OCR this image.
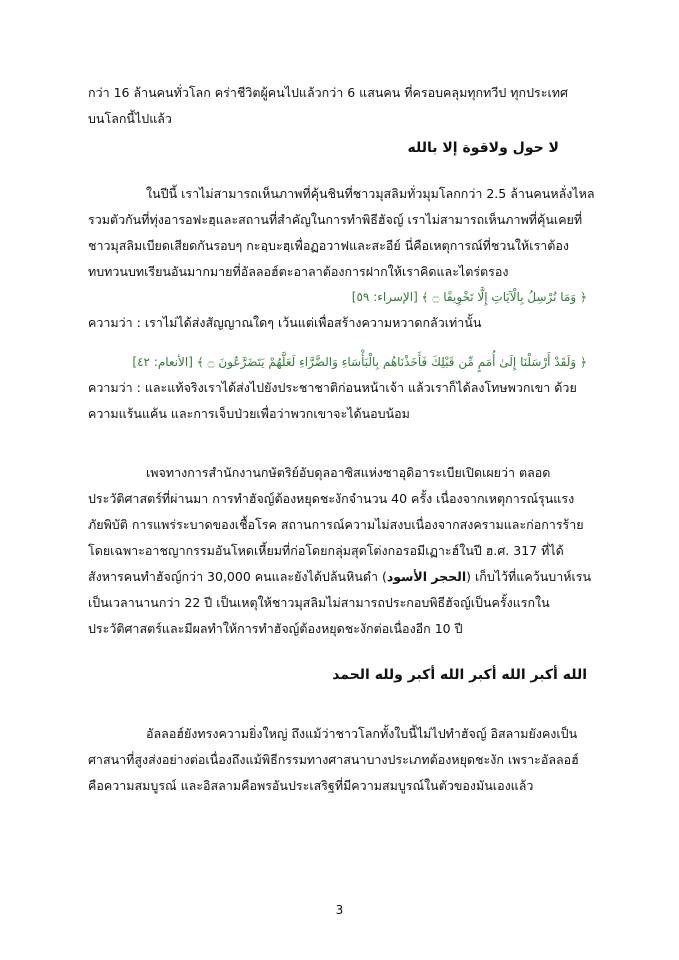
กว่า 16 ล้านคนทั่วโลก คร่าชีวิตผู้คนไปแล้วกว่า 6 แสนคน ที่ครอบคลุมทุกทวีป ทุกประเทศ
บนโลกนี้ไปแล้ว
لا حول ولاقوة إلا بالله
ในปีนี้ เราไม่สามารถเห็นภาพที่คุ้นชินที่ชาวมุสลิมทั่วมุมโลกกว่า 2.5 ล้านคนหลั่งไหล
รวมตัวกันที่ทุ่งอารอฟะฮฺและสถานที่สำคัญในการทำพิธีฮัจญ์ เราไม่สามารถเห็นภาพที่คุ้นเคยที่
ชาวมุสลิมเบียดเสียดกันรอบๆ กะอฺบะฮฺเพื่อฏอวาฟและสะอีย์ นี่คือเหตุการณ์ที่ชวนให้เราต้อง
ทบทวนบทเรียนอันมากมายที่อัลลอฮ์ตะอาลาต้องการฝากให้เราคิดและไตร่ตรอง
﴿ وَمَا نُرْسِلُ بِالْآيَاتِ إِلَّا تَخْوِيفًا ۝ ﴾ [الإسراء: ٥٩]
ความว่า : เราไม่ได้ส่งสัญญาณใดๆ เว้นแต่เพื่อสร้างความหวาดกลัวเท่านั้น
﴿ وَلَقَدْ أَرْسَلْنَا إِلَىٰ أُمَمٍ مِّن قَبْلِكَ فَأَخَذْنَاهُم بِالْبَأْسَاءِ وَالضَّرَّاءِ لَعَلَّهُمْ يَتَضَرَّعُونَ ۝ ﴾ [الأنعام: ٤٢]
ความว่า : และแท้จริงเราได้ส่งไปยังประชาชาติก่อนหน้าเจ้า แล้วเราก็ได้ลงโทษพวกเขา ด้วย
ความแร้นแค้น และการเจ็บป่วยเพื่อว่าพวกเขาจะได้นอบน้อม
เพจทางการสำนักงานกษัตริย์อับดุลอาซิสแห่งซาอุดิอาระเบียเปิดเผยว่า ตลอด
ประวัติศาสตร์ที่ผ่านมา การทำฮัจญ์ต้องหยุดชะงักจำนวน 40 ครั้ง เนื่องจากเหตุการณ์รุนแรง
ภัยพิบัติ การแพร่ระบาดของเชื้อโรค สถานการณ์ความไม่สงบเนื่องจากสงครามและก่อการร้าย
โดยเฉพาะอาชญากรรมอันโหดเหี้ยมที่ก่อโดยกลุ่มสุดโต่งกอรอมีเฏาะฮ์ในปี ฮ.ศ. 317 ที่ได้
สังหารคนทำฮัจญ์กว่า 30,000 คนและยังได้ปล้นหินดำ (الحجر الأسود) เก็บไว้ที่แคว้นบาห์เรน
เป็นเวลานานกว่า 22 ปี เป็นเหตุให้ชาวมุสลิมไม่สามารถประกอบพิธีฮัจญ์เป็นครั้งแรกใน
ประวัติศาสตร์และมีผลทำให้การทำฮัจญ์ต้องหยุดชะงักต่อเนื่องอีก 10 ปี
الله أكبر الله أكبر الله أكبر ولله الحمد
อัลลอฮ์ยังทรงความยิ่งใหญ่ ถึงแม้ว่าชาวโลกทั้งใบนี้ไม่ไปทำฮัจญ์ อิสลามยังคงเป็น
ศาสนาที่สูงส่งอย่างต่อเนื่องถึงแม้พิธีกรรมทางศาสนาบางประเภทต้องหยุดชะงัก เพราะอัลลอฮ์
คือความสมบูรณ์ และอิสลามคือพรอันประเสริฐที่มีความสมบูรณ์ในตัวของมันเองแล้ว
3
